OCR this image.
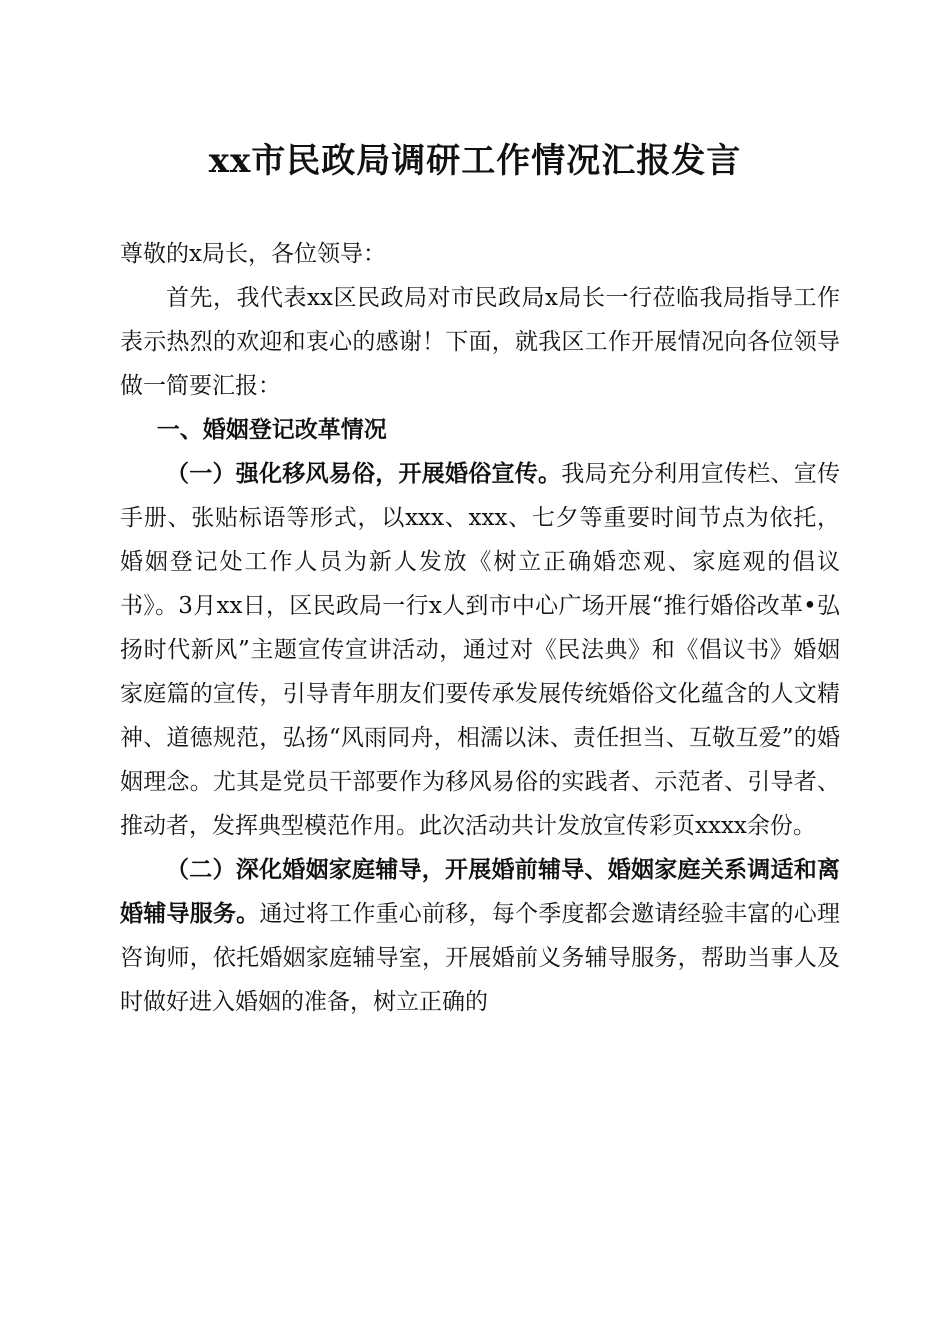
xx市民政局调研工作情况汇报发言

尊敬的x局长，各位领导：

首先，我代表xx区民政局对市民政局x局长一行莅临我局指导工作表示热烈的欢迎和衷心的感谢！下面，就我区工作开展情况向各位领导做一简要汇报：

一、婚姻登记改革情况

（一）强化移风易俗，开展婚俗宣传。我局充分利用宣传栏、宣传手册、张贴标语等形式，以xxx、xxx、七夕等重要时间节点为依托，婚姻登记处工作人员为新人发放《树立正确婚恋观、家庭观的倡议书》。3月xx日，区民政局一行x人到市中心广场开展“推行婚俗改革•弘扬时代新风”主题宣传宣讲活动，通过对《民法典》和《倡议书》婚姻家庭篇的宣传，引导青年朋友们要传承发展传统婚俗文化蕴含的人文精神、道德规范，弘扬“风雨同舟，相濡以沫、责任担当、互敬互爱”的婚姻理念。尤其是党员干部要作为移风易俗的实践者、示范者、引导者、推动者，发挥典型模范作用。此次活动共计发放宣传彩页xxxx余份。

（二）深化婚姻家庭辅导，开展婚前辅导、婚姻家庭关系调适和离婚辅导服务。通过将工作重心前移，每个季度都会邀请经验丰富的心理咨询师，依托婚姻家庭辅导室，开展婚前义务辅导服务，帮助当事人及时做好进入婚姻的准备，树立正确的
